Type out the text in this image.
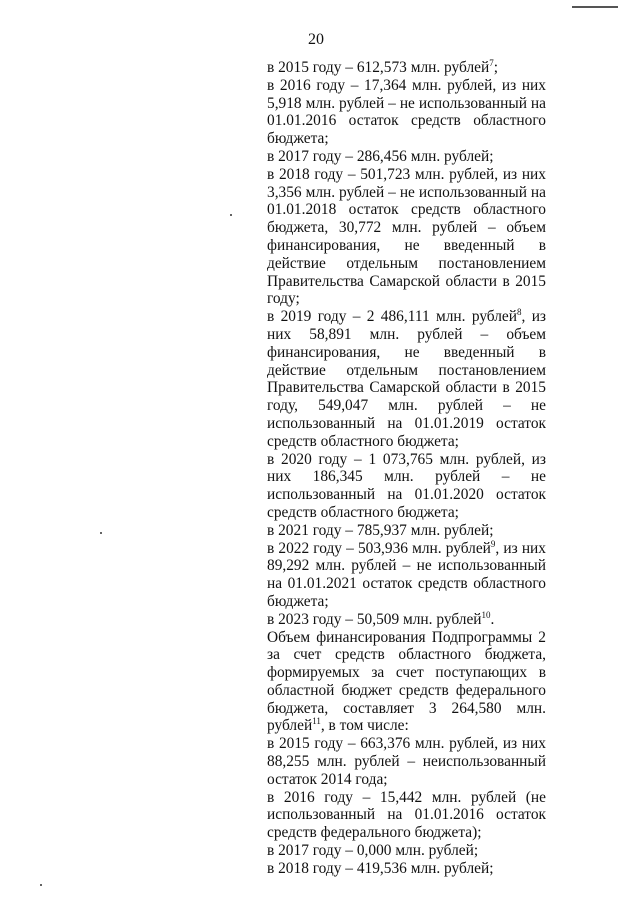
20

в 2015 году – 612,573 млн. рублей$^7$;

в 2016 году – 17,364 млн. рублей, из них 5,918 млн. рублей – не использованный на 01.01.2016 остаток средств областного бюджета;

в 2017 году – 286,456 млн. рублей;

в 2018 году – 501,723 млн. рублей, из них 3,356 млн. рублей – не использованный на 01.01.2018 остаток средств областного бюджета, 30,772 млн. рублей – объем финансирования, не введенный в действие отдельным постановлением Правительства Самарской области в 2015 году;

в 2019 году – 2 486,111 млн. рублей$^8$, из них 58,891 млн. рублей – объем финансирования, не введенный в действие отдельным постановлением Правительства Самарской области в 2015 году, 549,047 млн. рублей – не использованный на 01.01.2019 остаток средств областного бюджета;

в 2020 году – 1 073,765 млн. рублей, из них 186,345 млн. рублей – не использованный на 01.01.2020 остаток средств областного бюджета;

в 2021 году – 785,937 млн. рублей;

в 2022 году – 503,936 млн. рублей$^9$, из них 89,292 млн. рублей – не использованный на 01.01.2021 остаток средств областного бюджета;

в 2023 году – 50,509 млн. рублей$^{10}$.

Объем финансирования Подпрограммы 2 за счет средств областного бюджета, формируемых за счет поступающих в областной бюджет средств федерального бюджета, составляет 3 264,580 млн. рублей$^{11}$, в том числе:

в 2015 году – 663,376 млн. рублей, из них 88,255 млн. рублей – неиспользованный остаток 2014 года;

в 2016 году – 15,442 млн. рублей (не использованный на 01.01.2016 остаток средств федерального бюджета);

в 2017 году – 0,000 млн. рублей;

в 2018 году – 419,536 млн. рублей;
